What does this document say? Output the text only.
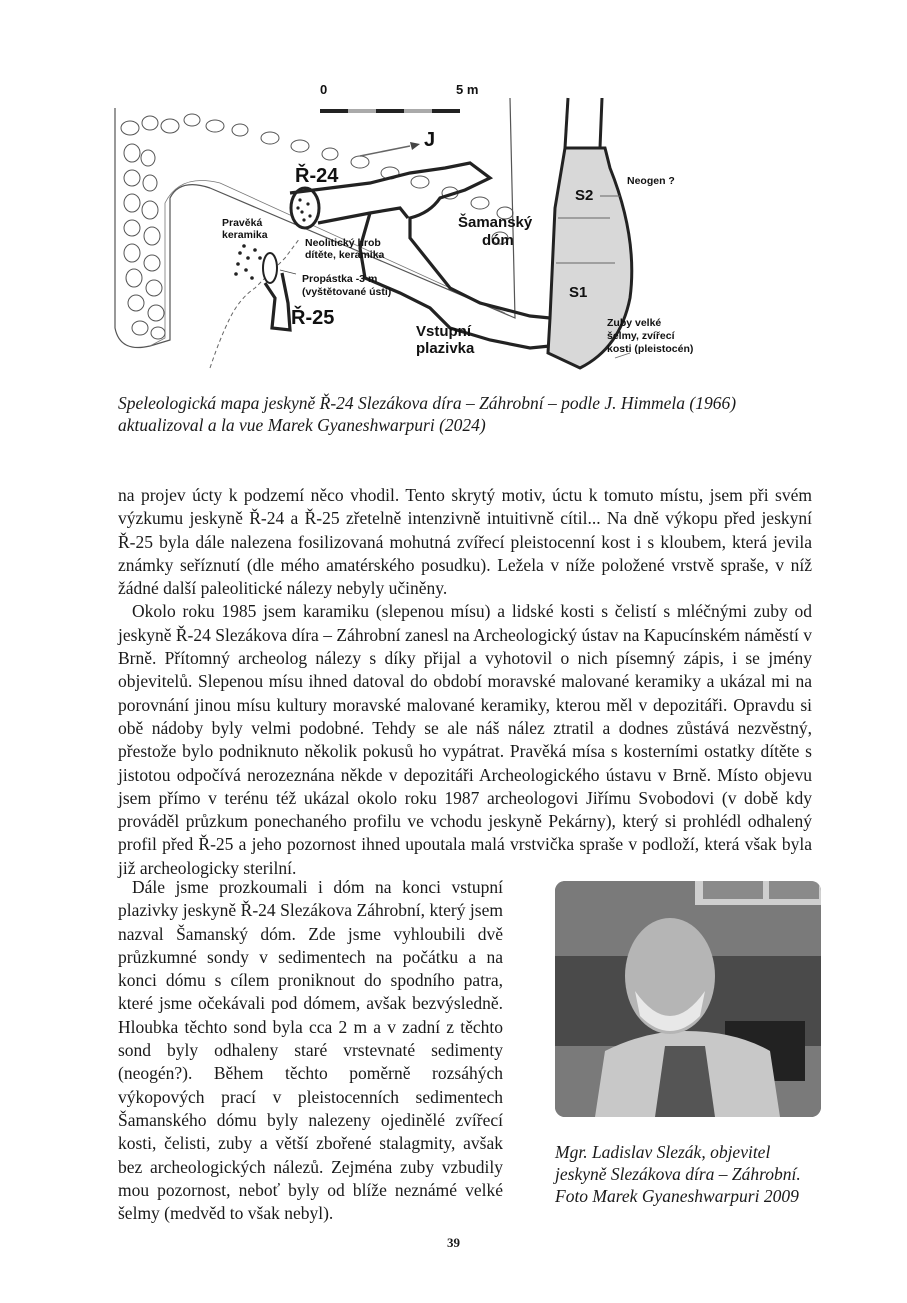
0	5 m
J
Ř-24
Ř-25
Pravěká
keramika
Neolitický hrob
dítěte, keramika
Propástka -3 m
(vyštětované ústí)
Vstupní
plazivka
Šamanský
dóm
S2
S1
Neogen ?
Zuby velké
šelmy, zvířecí
kosti (pleistocén)
Speleologická mapa jeskyně Ř-24 Slezákova díra – Záhrobní – podle J. Himmela (1966)
aktualizoval a la vue Marek Gyaneshwarpuri (2024)

na projev úcty k podzemí něco vhodil. Tento skrytý motiv, úctu k tomuto místu, jsem při svém výzkumu jeskyně Ř-24 a Ř-25 zřetelně intenzivně intuitivně cítil... Na dně výkopu před jeskyní Ř-25 byla dále nalezena fosilizovaná mohutná zvířecí pleistocenní kost i s kloubem, která jevila známky seříznutí (dle mého amatérského posudku). Ležela v níže položené vrstvě spraše, v níž žádné další paleolitické nálezy nebyly učiněny.

Okolo roku 1985 jsem karamiku (slepenou mísu) a lidské kosti s čelistí s mléčnými zuby od jeskyně Ř-24 Slezákova díra – Záhrobní zanesl na Archeologický ústav na Kapucínském náměstí v Brně. Přítomný archeolog nálezy s díky přijal a vyhotovil o nich písemný zápis, i se jmény objevitelů. Slepenou mísu ihned datoval do období moravské malované keramiky a ukázal mi na porovnání jinou mísu kultury moravské malované keramiky, kterou měl v depozitáři. Opravdu si obě nádoby byly velmi podobné. Tehdy se ale náš nález ztratil a dodnes zůstává nezvěstný, přestože bylo podniknuto několik pokusů ho vypátrat. Pravěká mísa s kosterními ostatky dítěte s jistotou odpočívá nerozeznána někde v depozitáři Archeologického ústavu v Brně. Místo objevu jsem přímo v terénu též ukázal okolo roku 1987 archeologovi Jiřímu Svobodovi (v době kdy prováděl průzkum ponechaného profilu ve vchodu jeskyně Pekárny), který si prohlédl odhalený profil před Ř-25 a jeho pozornost ihned upoutala malá vrstvička spraše v podloží, která však byla již archeologicky sterilní.

Dále jsme prozkoumali i dóm na konci vstupní plazivky jeskyně Ř-24 Slezákova Záhrobní, který jsem nazval Šamanský dóm. Zde jsme vyhloubili dvě průzkumné sondy v sedimentech na počátku a na konci dómu s cílem proniknout do spodního patra, které jsme očekávali pod dómem, avšak bezvýsledně. Hloubka těchto sond byla cca 2 m a v zadní z těchto sond byly odhaleny staré vrstevnaté sedimenty (neogén?). Během těchto poměrně rozsáhých výkopových prací v pleistocenních sedimentech Šamanského dómu byly nalezeny ojedinělé zvířecí kosti, čelisti, zuby a větší zbořené stalagmity, avšak bez archeologických nálezů. Zejména zuby vzbudily mou pozornost, neboť byly od blíže neznámé velké šelmy (medvěd to však nebyl).

Mgr. Ladislav Slezák, objevitel
jeskyně Slezákova díra – Záhrobní.
Foto Marek Gyaneshwarpuri 2009
39
